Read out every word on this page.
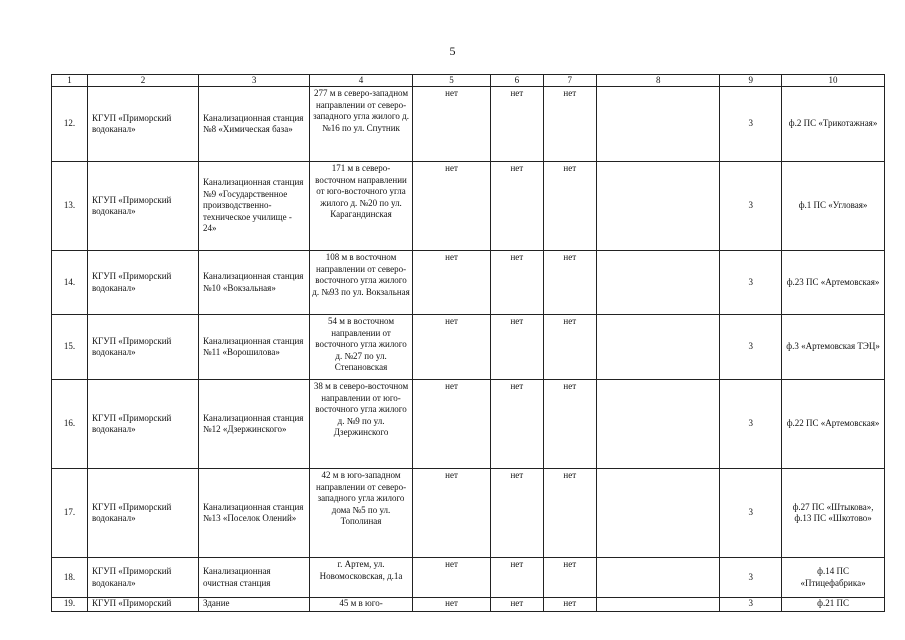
5
1	2	3	4	5	6	7	8	9	10
12.	КГУП «Приморский водоканал»	Канализационная станция №8 «Химическая база»	277 м в северо-западном направлении от северо-западного угла жилого д. №16 по ул. Спутник	нет	нет	нет		3	ф.2 ПС «Трикотажная»
13.	КГУП «Приморский водоканал»	Канализационная станция №9 «Государственное производственно-техническое училище - 24»	171 м в северо-восточном направлении от юго-восточного угла жилого д. №20 по ул. Карагандинская	нет	нет	нет		3	ф.1 ПС «Угловая»
14.	КГУП «Приморский водоканал»	Канализационная станция №10 «Вокзальная»	108 м в восточном направлении от северо-восточного угла жилого д. №93 по ул. Вокзальная	нет	нет	нет		3	ф.23 ПС «Артемовская»
15.	КГУП «Приморский водоканал»	Канализационная станция №11 «Ворошилова»	54 м в восточном направлении от восточного угла жилого д. №27 по ул. Степановская	нет	нет	нет		3	ф.3 «Артемовская ТЭЦ»
16.	КГУП «Приморский водоканал»	Канализационная станция №12 «Дзержинского»	38 м в северо-восточном направлении от юго-восточного угла жилого д. №9 по ул. Дзержинского	нет	нет	нет		3	ф.22 ПС «Артемовская»
17.	КГУП «Приморский водоканал»	Канализационная станция №13 «Поселок Олений»	42 м в юго-западном направлении от северо-западного угла жилого дома №5 по ул. Тополиная	нет	нет	нет		3	ф.27 ПС «Штыкова», ф.13 ПС «Шкотово»
18.	КГУП «Приморский водоканал»	Канализационная очистная станция	г. Артем, ул. Новомосковская, д.1а	нет	нет	нет		3	ф.14 ПС «Птицефабрика»
19.	КГУП «Приморский	Здание	45 м в юго-	нет	нет	нет		3	ф.21 ПС
